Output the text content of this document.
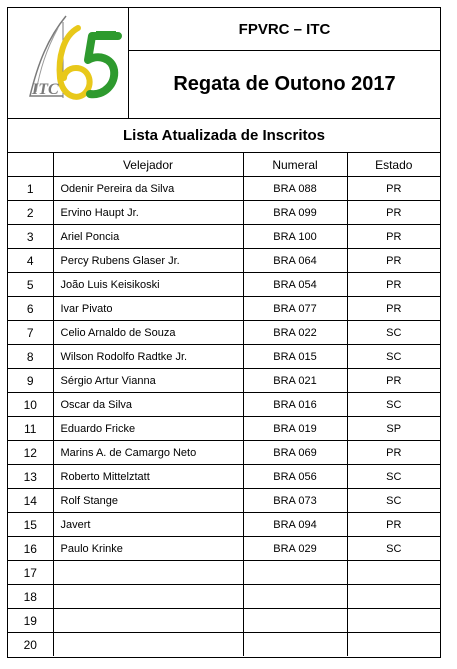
ITC
FPVRC – ITC
Regata de Outono 2017
Lista Atualizada de Inscritos
	Velejador	Numeral	Estado
1	Odenir Pereira da Silva	BRA 088	PR
2	Ervino Haupt Jr.	BRA 099	PR
3	Ariel Poncia	BRA 100	PR
4	Percy Rubens Glaser Jr.	BRA 064	PR
5	João Luis Keisikoski	BRA 054	PR
6	Ivar Pivato	BRA 077	PR
7	Celio Arnaldo de Souza	BRA 022	SC
8	Wilson Rodolfo Radtke Jr.	BRA 015	SC
9	Sérgio Artur Vianna	BRA 021	PR
10	Oscar da Silva	BRA 016	SC
11	Eduardo Fricke	BRA 019	SP
12	Marins A. de Camargo Neto	BRA 069	PR
13	Roberto Mittelztatt	BRA 056	SC
14	Rolf Stange	BRA 073	SC
15	Javert	BRA 094	PR
16	Paulo Krinke	BRA 029	SC
17			
18			
19			
20			
